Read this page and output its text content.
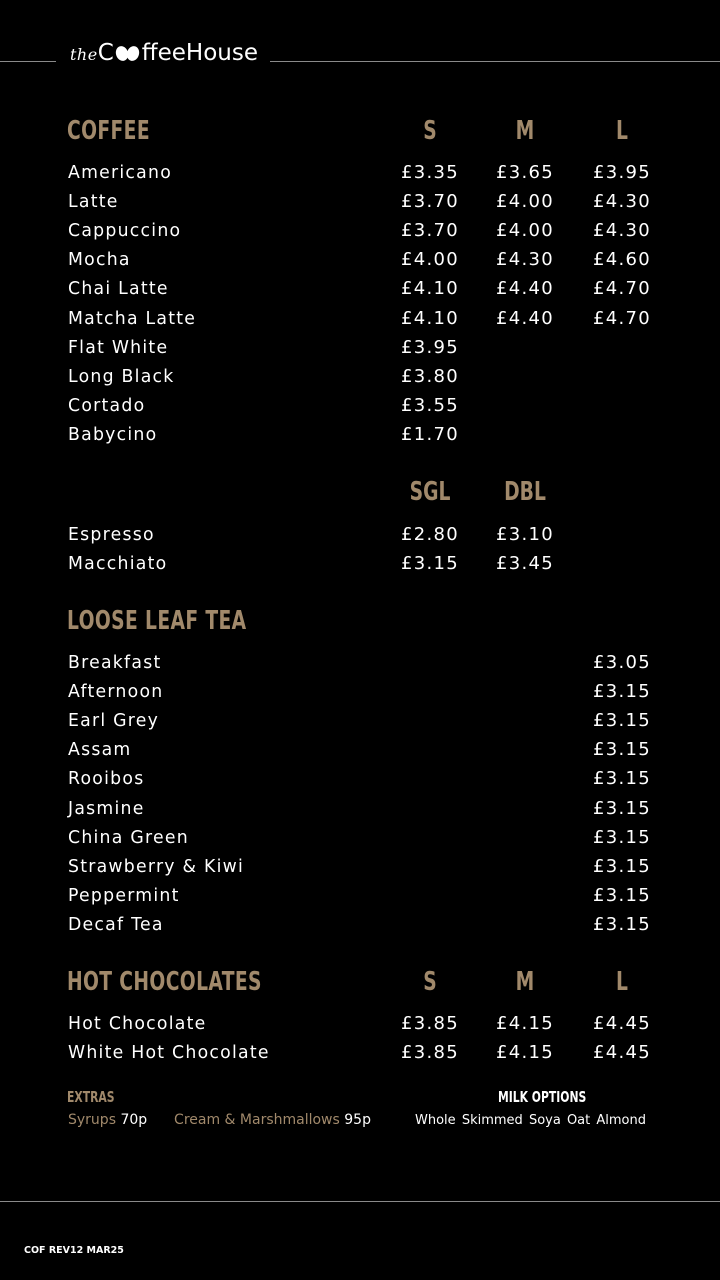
the C ffeeHouse
COFFEE	S	M	L
Americano	£3.35	£3.65	£3.95
Latte	£3.70	£4.00	£4.30
Cappuccino	£3.70	£4.00	£4.30
Mocha	£4.00	£4.30	£4.60
Chai Latte	£4.10	£4.40	£4.70
Matcha Latte	£4.10	£4.40	£4.70
Flat White	£3.95
Long Black	£3.80
Cortado	£3.55
Babycino	£1.70
SGL	DBL
Espresso	£2.80	£3.10
Macchiato	£3.15	£3.45
LOOSE LEAF TEA
Breakfast	£3.05
Afternoon	£3.15
Earl Grey	£3.15
Assam	£3.15
Rooibos	£3.15
Jasmine	£3.15
China Green	£3.15
Strawberry & Kiwi	£3.15
Peppermint	£3.15
Decaf Tea	£3.15
HOT CHOCOLATES	S	M	L
Hot Chocolate	£3.85	£4.15	£4.45
White Hot Chocolate	£3.85	£4.15	£4.45
EXTRAS
Syrups 70p Cream & Marshmallows 95p
MILK OPTIONS
Whole Skimmed Soya Oat Almond
COF REV12 MAR25
